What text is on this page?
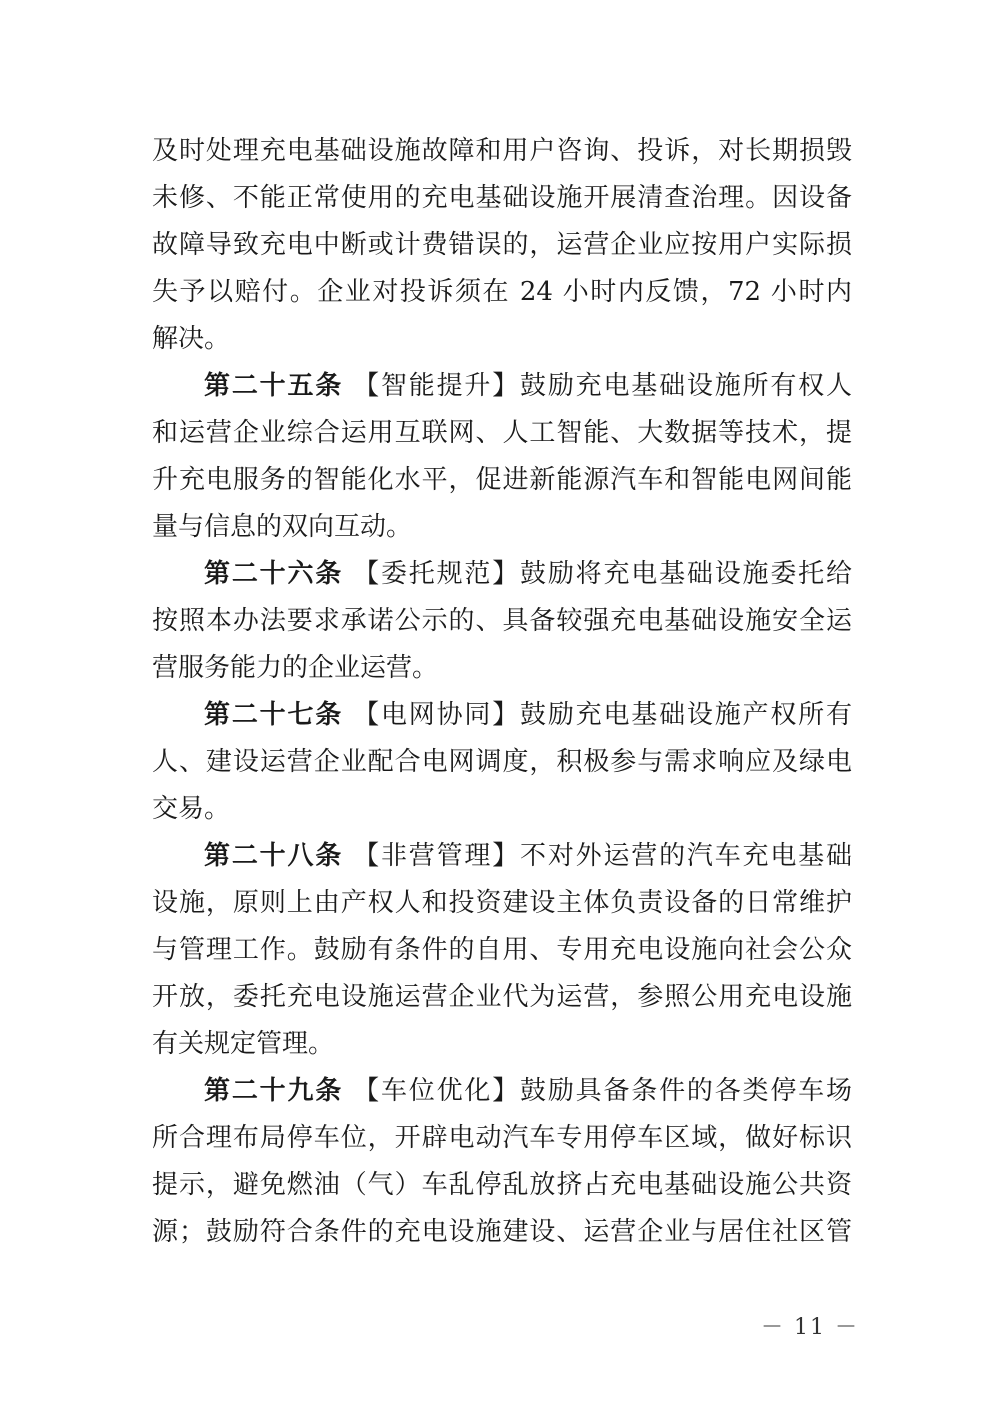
及时处理充电基础设施故障和用户咨询、投诉，对长期损毁
未修、不能正常使用的充电基础设施开展清查治理。因设备
故障导致充电中断或计费错误的，运营企业应按用户实际损
失予以赔付。企业对投诉须在 24 小时内反馈，72 小时内
解决。
第二十五条 【智能提升】鼓励充电基础设施所有权人
和运营企业综合运用互联网、人工智能、大数据等技术，提
升充电服务的智能化水平，促进新能源汽车和智能电网间能
量与信息的双向互动。
第二十六条 【委托规范】鼓励将充电基础设施委托给
按照本办法要求承诺公示的、具备较强充电基础设施安全运
营服务能力的企业运营。
第二十七条 【电网协同】鼓励充电基础设施产权所有
人、建设运营企业配合电网调度，积极参与需求响应及绿电
交易。
第二十八条 【非营管理】不对外运营的汽车充电基础
设施，原则上由产权人和投资建设主体负责设备的日常维护
与管理工作。鼓励有条件的自用、专用充电设施向社会公众
开放，委托充电设施运营企业代为运营，参照公用充电设施
有关规定管理。
第二十九条 【车位优化】鼓励具备条件的各类停车场
所合理布局停车位，开辟电动汽车专用停车区域，做好标识
提示，避免燃油（气）车乱停乱放挤占充电基础设施公共资
源；鼓励符合条件的充电设施建设、运营企业与居住社区管
－ 11 －
